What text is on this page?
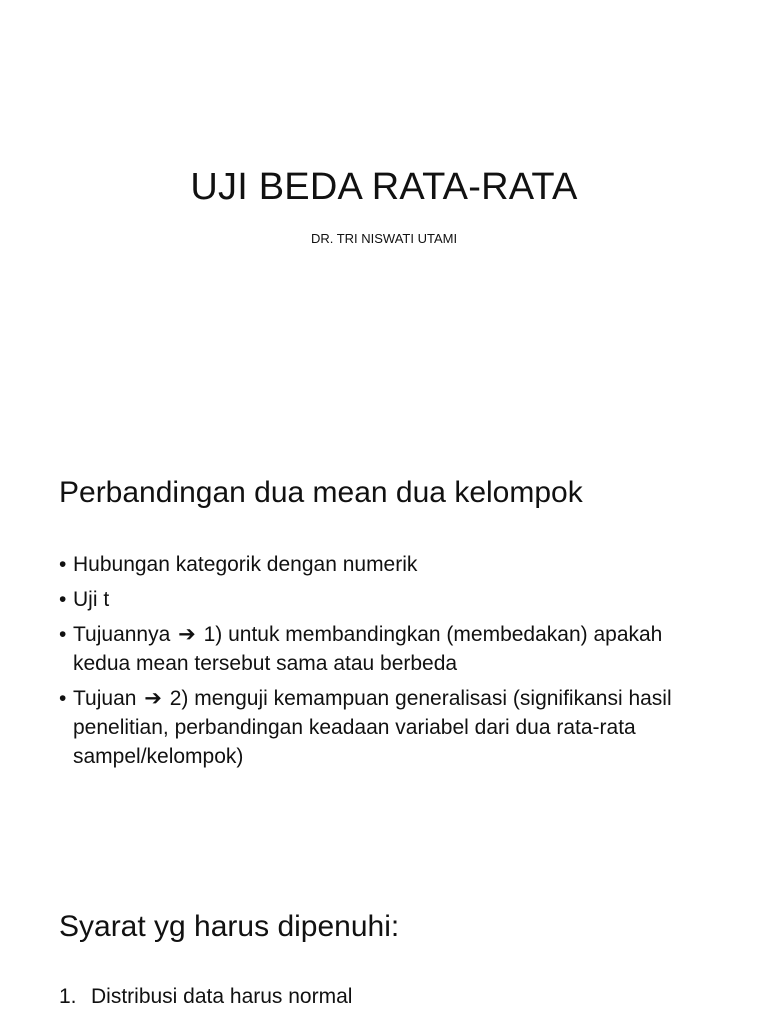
UJI BEDA RATA-RATA

DR. TRI NISWATI UTAMI

Perbandingan dua mean dua kelompok
• Hubungan kategorik dengan numerik
• Uji t
• Tujuannya ➔ 1) untuk membandingkan (membedakan) apakah kedua mean tersebut sama atau berbeda
• Tujuan ➔ 2) menguji kemampuan generalisasi (signifikansi hasil penelitian, perbandingan keadaan variabel dari dua rata-rata sampel/kelompok)
Syarat yg harus dipenuhi:
1. Distribusi data harus normal
